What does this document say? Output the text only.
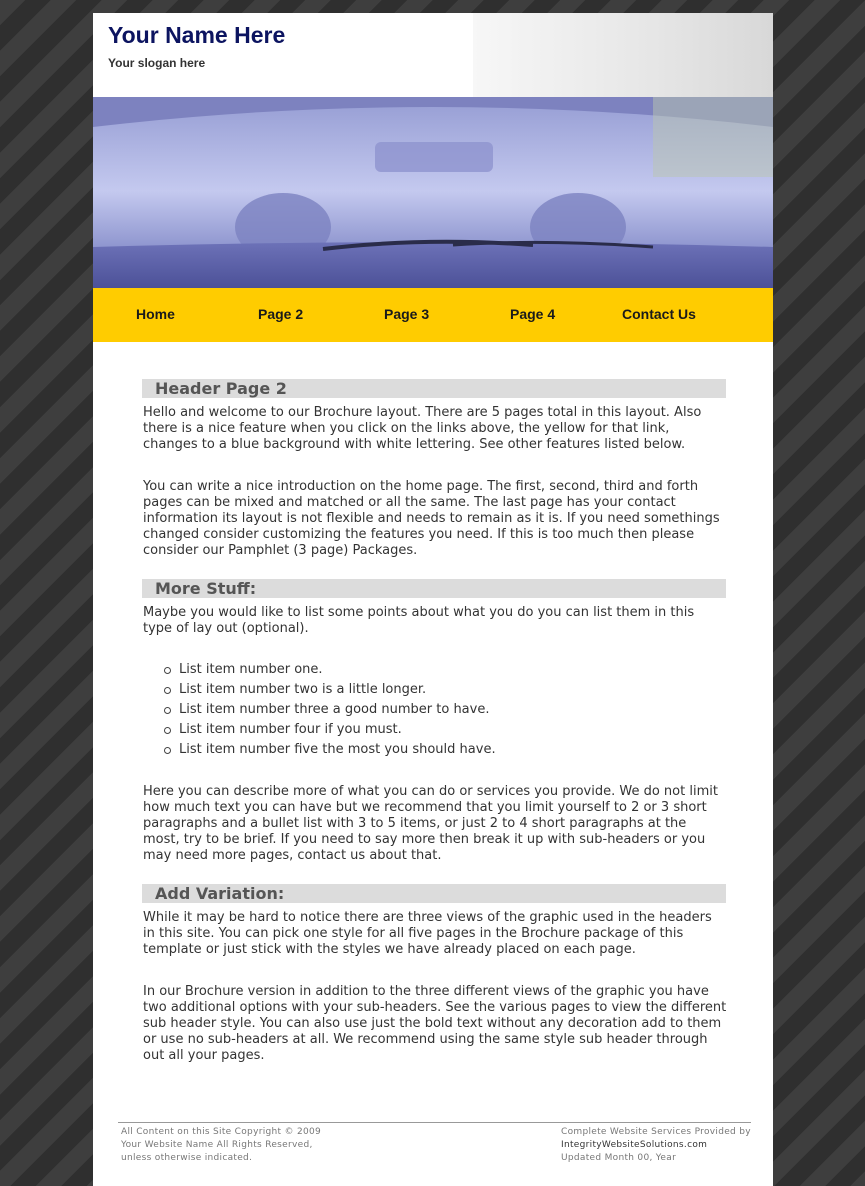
Your Name Here
Your slogan here
Home	Page 2	Page 3	Page 4	Contact Us
Header Page 2

Hello and welcome to our Brochure layout. There are 5 pages total in this layout. Also there is a nice feature when you click on the links above, the yellow for that link, changes to a blue background with white lettering. See other features listed below.

You can write a nice introduction on the home page. The first, second, third and forth pages can be mixed and matched or all the same. The last page has your contact information its layout is not flexible and needs to remain as it is. If you need somethings changed consider customizing the features you need. If this is too much then please consider our Pamphlet (3 page) Packages.

More Stuff:

Maybe you would like to list some points about what you do you can list them in this type of lay out (optional).

List item number one.
List item number two is a little longer.
List item number three a good number to have.
List item number four if you must.
List item number five the most you should have.

Here you can describe more of what you can do or services you provide. We do not limit how much text you can have but we recommend that you limit yourself to 2 or 3 short paragraphs and a bullet list with 3 to 5 items, or just 2 to 4 short paragraphs at the most, try to be brief. If you need to say more then break it up with sub-headers or you may need more pages, contact us about that.

Add Variation:

While it may be hard to notice there are three views of the graphic used in the headers in this site. You can pick one style for all five pages in the Brochure package of this template or just stick with the styles we have already placed on each page.

In our Brochure version in addition to the three different views of the graphic you have two additional options with your sub-headers. See the various pages to view the different sub header style. You can also use just the bold text without any decoration add to them or use no sub-headers at all. We recommend using the same style sub header through out all your pages.

All Content on this Site Copyright © 2009
Your Website Name All Rights Reserved,
unless otherwise indicated.
Complete Website Services Provided by
IntegrityWebsiteSolutions.com
Updated Month 00, Year
